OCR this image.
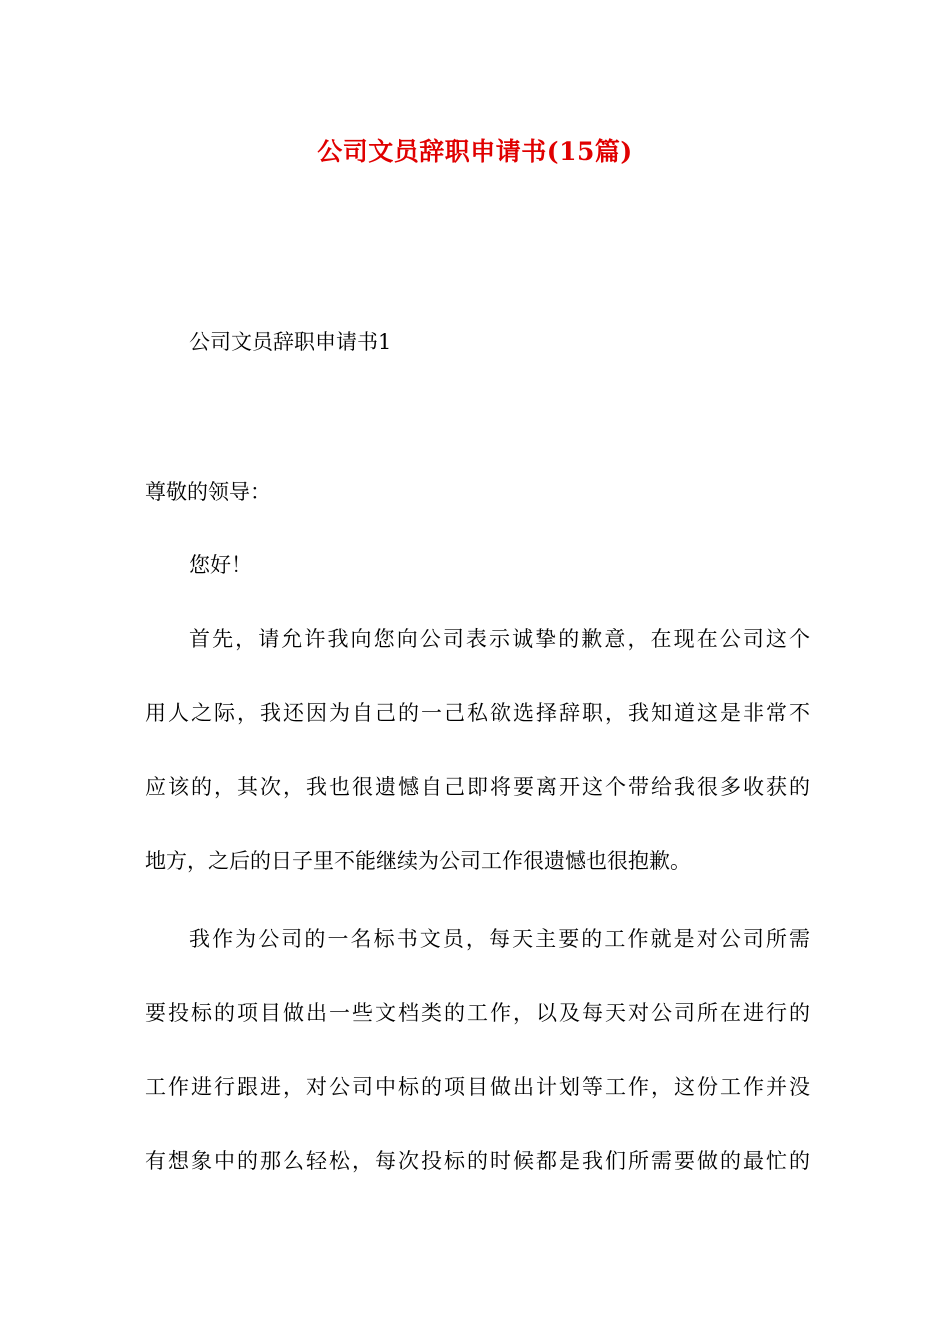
公司文员辞职申请书(15篇)
公司文员辞职申请书1
尊敬的领导：
您好！
首先，请允许我向您向公司表示诚挚的歉意，在现在公司这个
用人之际，我还因为自己的一己私欲选择辞职，我知道这是非常不
应该的，其次，我也很遗憾自己即将要离开这个带给我很多收获的
地方，之后的日子里不能继续为公司工作很遗憾也很抱歉。
我作为公司的一名标书文员，每天主要的工作就是对公司所需
要投标的项目做出一些文档类的工作，以及每天对公司所在进行的
工作进行跟进，对公司中标的项目做出计划等工作，这份工作并没
有想象中的那么轻松，每次投标的时候都是我们所需要做的最忙的
